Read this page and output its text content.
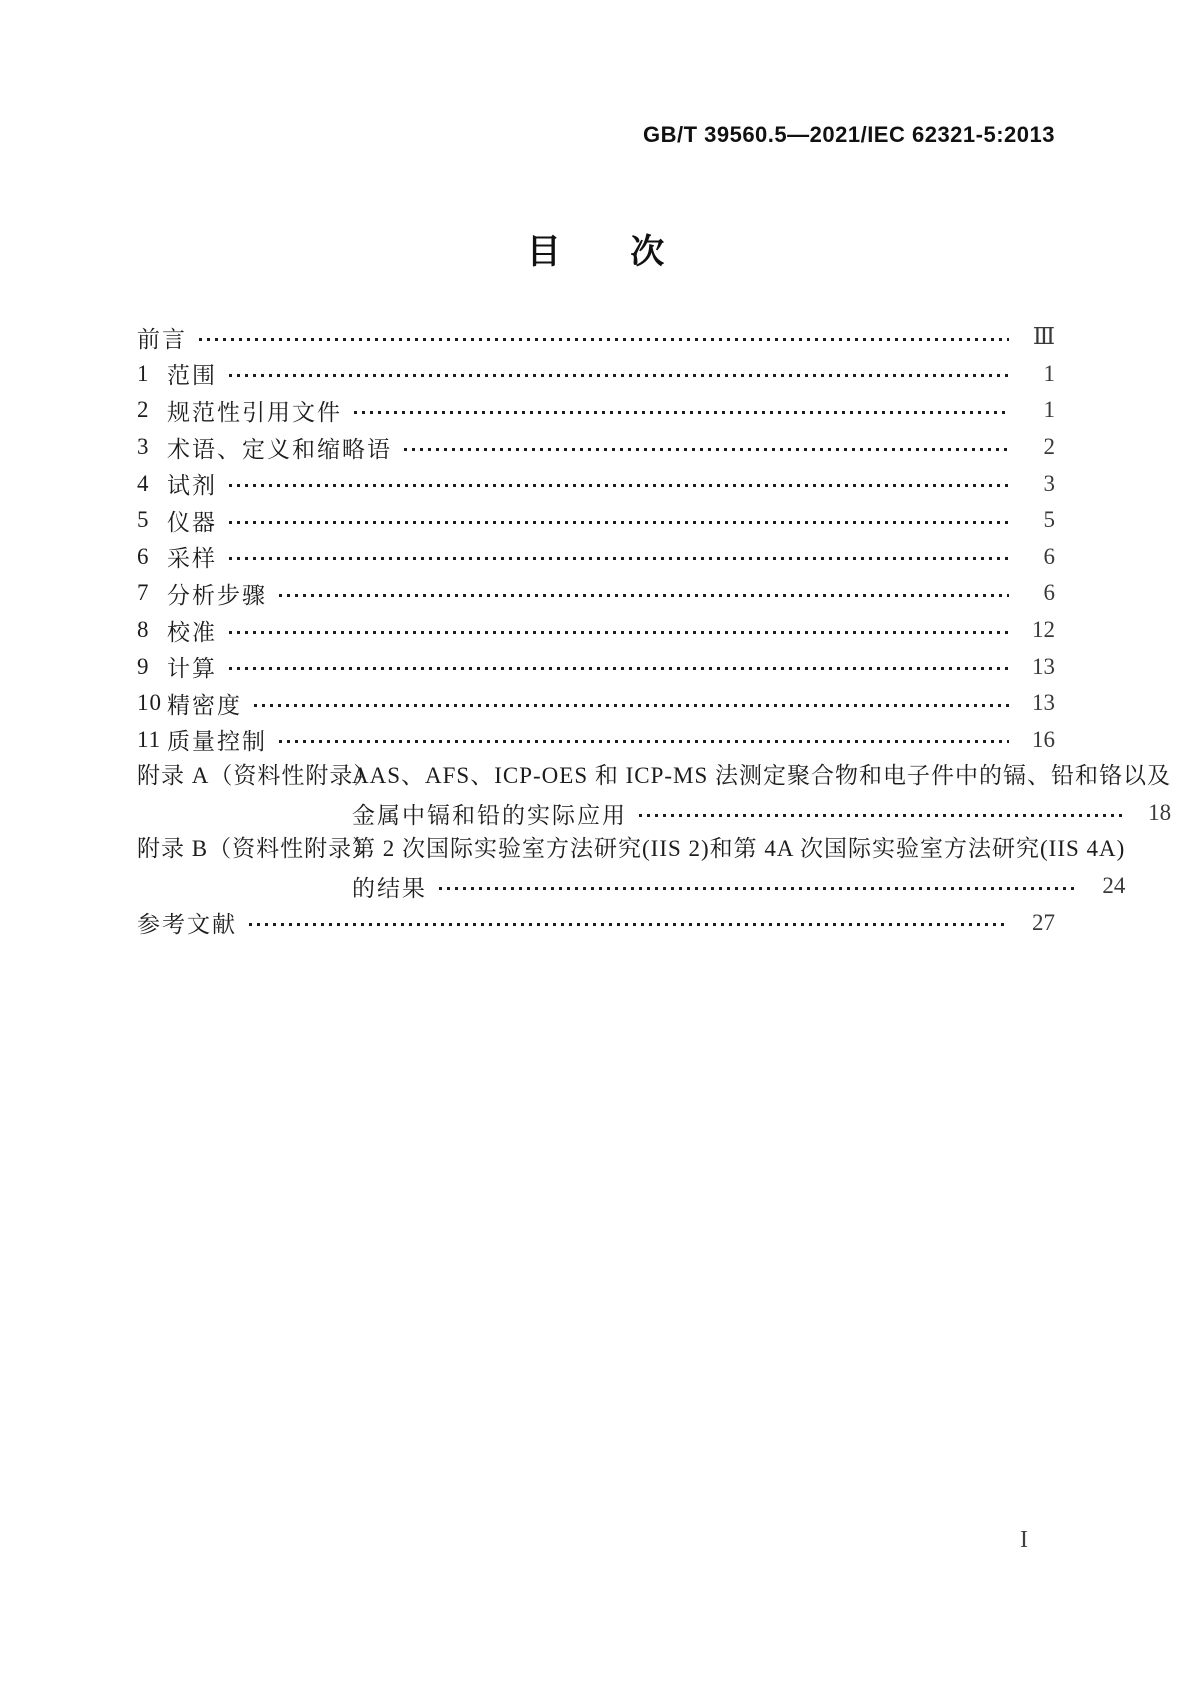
GB/T 39560.5—2021/IEC 62321-5:2013
目 次
前言	Ⅲ
1 范围	1
2 规范性引用文件	1
3 术语、定义和缩略语	2
4 试剂	3
5 仪器	5
6 采样	6
7 分析步骤	6
8 校准	12
9 计算	13
10 精密度	13
11 质量控制	16
附录 A（资料性附录）
AAS、AFS、ICP-OES 和 ICP-MS 法测定聚合物和电子件中的镉、铅和铬以及
金属中镉和铅的实际应用	18
附录 B（资料性附录）
第 2 次国际实验室方法研究(IIS 2)和第 4A 次国际实验室方法研究(IIS 4A)
的结果	24
参考文献	27
I
